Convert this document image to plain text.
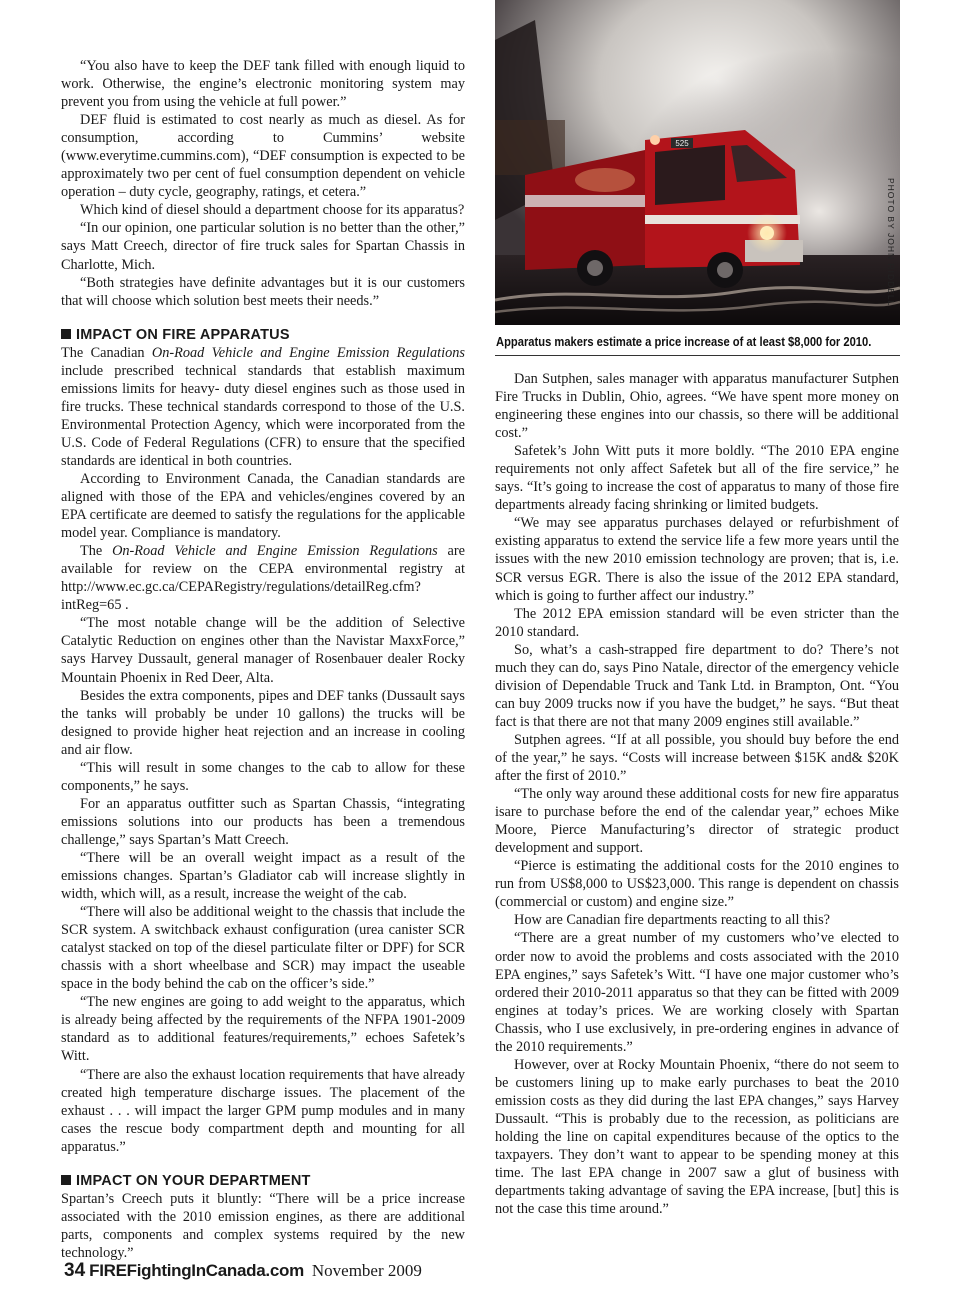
“You also have to keep the DEF tank filled with enough liquid to work. Otherwise, the engine’s electronic monitoring system may prevent you from using the vehicle at full power.”

DEF fluid is estimated to cost nearly as much as diesel. As for consumption, according to Cummins’ website (www.everytime.cummins.com), “DEF consumption is expected to be approximately two per cent of fuel consumption dependent on vehicle operation – duty cycle, geography, ratings, et cetera.”

Which kind of diesel should a department choose for its apparatus?

“In our opinion, one particular solution is no better than the other,” says Matt Creech, director of fire truck sales for Spartan Chassis in Charlotte, Mich.

“Both strategies have definite advantages but it is our customers that will choose which solution best meets their needs.”

IMPACT ON FIRE APPARATUS

The Canadian On-Road Vehicle and Engine Emission Regulations include prescribed technical standards that establish maximum emissions limits for heavy- duty diesel engines such as those used in fire trucks. These technical standards correspond to those of the U.S. Environmental Protection Agency, which were incorporated from the U.S. Code of Federal Regulations (CFR) to ensure that the specified standards are identical in both countries.

According to Environment Canada, the Canadian standards are aligned with those of the EPA and vehicles/engines covered by an EPA certificate are deemed to satisfy the regulations for the applicable model year. Compliance is mandatory.

The On-Road Vehicle and Engine Emission Regulations are available for review on the CEPA environmental registry at http://www.ec.gc.ca/CEPARegistry/regulations/detailReg.cfm?intReg=65 .

“The most notable change will be the addition of Selective Catalytic Reduction on engines other than the Navistar MaxxForce,” says Harvey Dussault, general manager of Rosenbauer dealer Rocky Mountain Phoenix in Red Deer, Alta.

Besides the extra components, pipes and DEF tanks (Dussault says the tanks will probably be under 10 gallons) the trucks will be designed to provide higher heat rejection and an increase in cooling and air flow.

“This will result in some changes to the cab to allow for these components,” he says.

For an apparatus outfitter such as Spartan Chassis, “integrating emissions solutions into our products has been a tremendous challenge,” says Spartan’s Matt Creech.

“There will be an overall weight impact as a result of the emissions changes. Spartan’s Gladiator cab will increase slightly in width, which will, as a result, increase the weight of the cab.

“There will also be additional weight to the chassis that include the SCR system. A switchback exhaust configuration (urea canister SCR catalyst stacked on top of the diesel particulate filter or DPF) for SCR chassis with a short wheelbase and SCR) may impact the useable space in the body behind the cab on the officer’s side.”

“The new engines are going to add weight to the apparatus, which is already being affected by the requirements of the NFPA 1901-2009 standard as to additional features/requirements,” echoes Safetek’s Witt.

“There are also the exhaust location requirements that have already created high temperature discharge issues. The placement of the exhaust . . . will impact the larger GPM pump modules and in many cases the rescue body compartment depth and mounting for all apparatus.”

IMPACT ON YOUR DEPARTMENT

Spartan’s Creech puts it bluntly: “There will be a price increase associated with the 2010 emission engines, as there are additional parts, components and complex systems required by the new technology.”

525
PHOTO BY JOHN RIDDELL
Apparatus makers estimate a price increase of at least $8,000 for 2010.

Dan Sutphen, sales manager with apparatus manufacturer Sutphen Fire Trucks in Dublin, Ohio, agrees. “We have spent more money on engineering these engines into our chassis, so there will be additional cost.”

Safetek’s John Witt puts it more boldly. “The 2010 EPA engine requirements not only affect Safetek but all of the fire service,” he says. “It’s going to increase the cost of apparatus to many of those fire departments already facing shrinking or limited budgets.

“We may see apparatus purchases delayed or refurbishment of existing apparatus to extend the service life a few more years until the issues with the new 2010 emission technology are proven; that is, i.e. SCR versus EGR. There is also the issue of the 2012 EPA standard, which is going to further affect our industry.”

The 2012 EPA emission standard will be even stricter than the 2010 standard.

So, what’s a cash-strapped fire department to do? There’s not much they can do, says Pino Natale, director of the emergency vehicle division of Dependable Truck and Tank Ltd. in Brampton, Ont. “You can buy 2009 trucks now if you have the budget,” he says. “But theat fact is that there are not that many 2009 engines still available.”

Sutphen agrees. “If at all possible, you should buy before the end of the year,” he says. “Costs will increase between $15K and& $20K after the first of 2010.”

“The only way around these additional costs for new fire apparatus isare to purchase before the end of the calendar year,” echoes Mike Moore, Pierce Manufacturing’s director of strategic product development and support.

“Pierce is estimating the additional costs for the 2010 engines to run from US$8,000 to US$23,000. This range is dependent on chassis (commercial or custom) and engine size.”

How are Canadian fire departments reacting to all this?

“There are a great number of my customers who’ve elected to order now to avoid the problems and costs associated with the 2010 EPA engines,” says Safetek’s Witt. “I have one major customer who’s ordered their 2010-2011 apparatus so that they can be fitted with 2009 engines at today’s prices. We are working closely with Spartan Chassis, who I use exclusively, in pre-ordering engines in advance of the 2010 requirements.”

However, over at Rocky Mountain Phoenix, “there do not seem to be customers lining up to make early purchases to beat the 2010 emission costs as they did during the last EPA changes,” says Harvey Dussault. “This is probably due to the recession, as politicians are holding the line on capital expenditures because of the optics to the taxpayers. They don’t want to appear to be spending money at this time. The last EPA change in 2007 saw a glut of business with departments taking advantage of saving the EPA increase, [but] this is not the case this time around.”

34 FIREFightingInCanada.com November 2009
